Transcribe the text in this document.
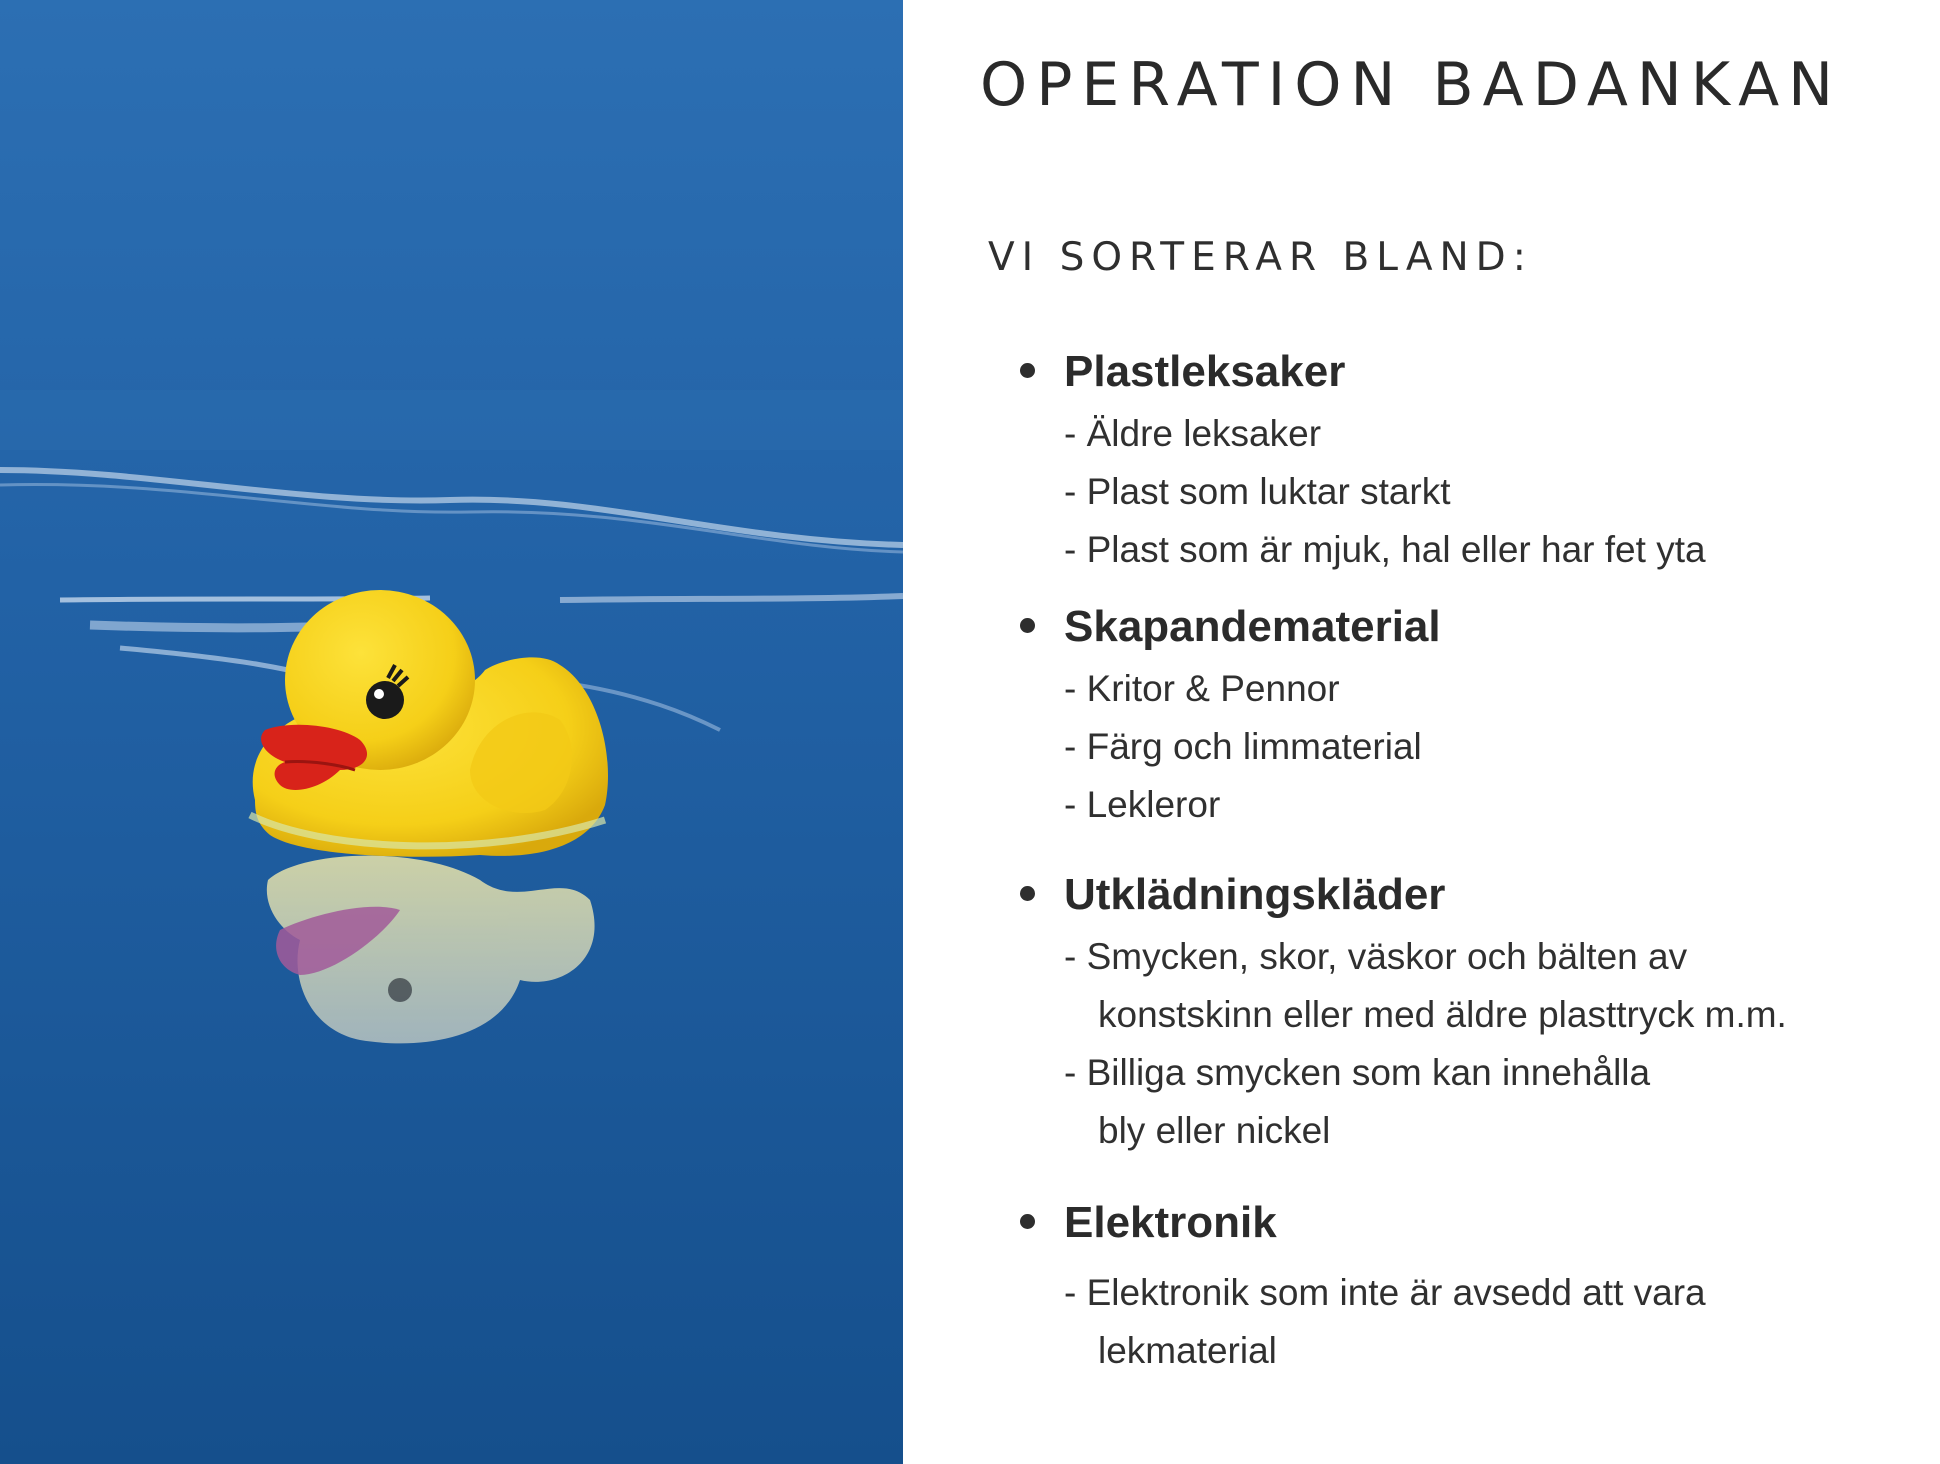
OPERATION BADANKAN
VI SORTERAR BLAND:
Plastleksaker
- Äldre leksaker
- Plast som luktar starkt
- Plast som är mjuk, hal eller har fet yta
Skapandematerial
- Kritor & Pennor
- Färg och limmaterial
- Lekleror
Utklädningskläder
- Smycken, skor, väskor och bälten av
konstskinn eller med äldre plasttryck m.m.
- Billiga smycken som kan innehålla
bly eller nickel
Elektronik
- Elektronik som inte är avsedd att vara
lekmaterial
